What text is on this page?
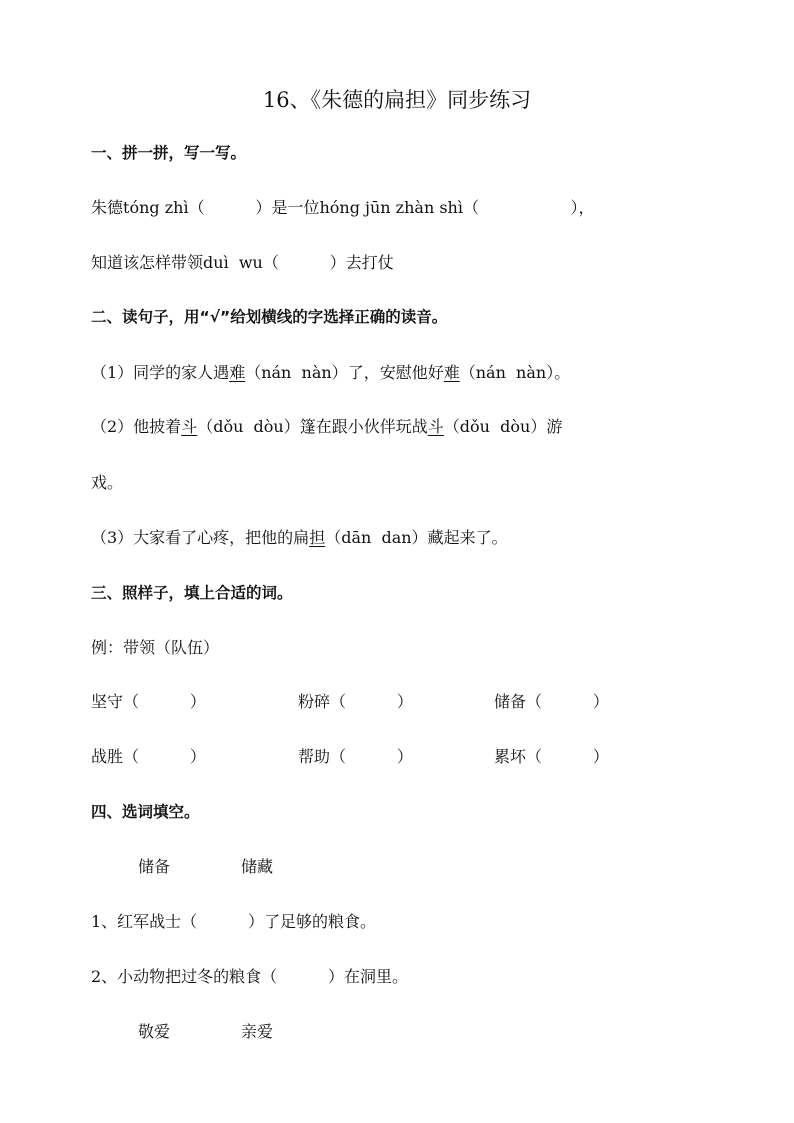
16、《朱德的扁担》同步练习
一、拼一拼，写一写。
朱德tóng zhì（          ）是一位hóng jūn zhàn shì（                  ），
知道该怎样带领duì  wu（          ）去打仗
二、读句子，用“√”给划横线的字选择正确的读音。
（1）同学的家人遇难（nán  nàn）了，安慰他好难（nán  nàn）。
（2）他披着斗（dǒu  dòu）篷在跟小伙伴玩战斗（dǒu  dòu）游
戏。
（3）大家看了心疼，把他的扁担（dān  dan）藏起来了。
三、照样子，填上合适的词。
例：带领（队伍）
坚守（          ）	粉碎（          ）	储备（          ）
战胜（          ）	帮助（          ）	累坏（          ）
四、选词填空。
储备	储藏
1、红军战士（          ）了足够的粮食。
2、小动物把过冬的粮食（          ）在洞里。
敬爱	亲爱
